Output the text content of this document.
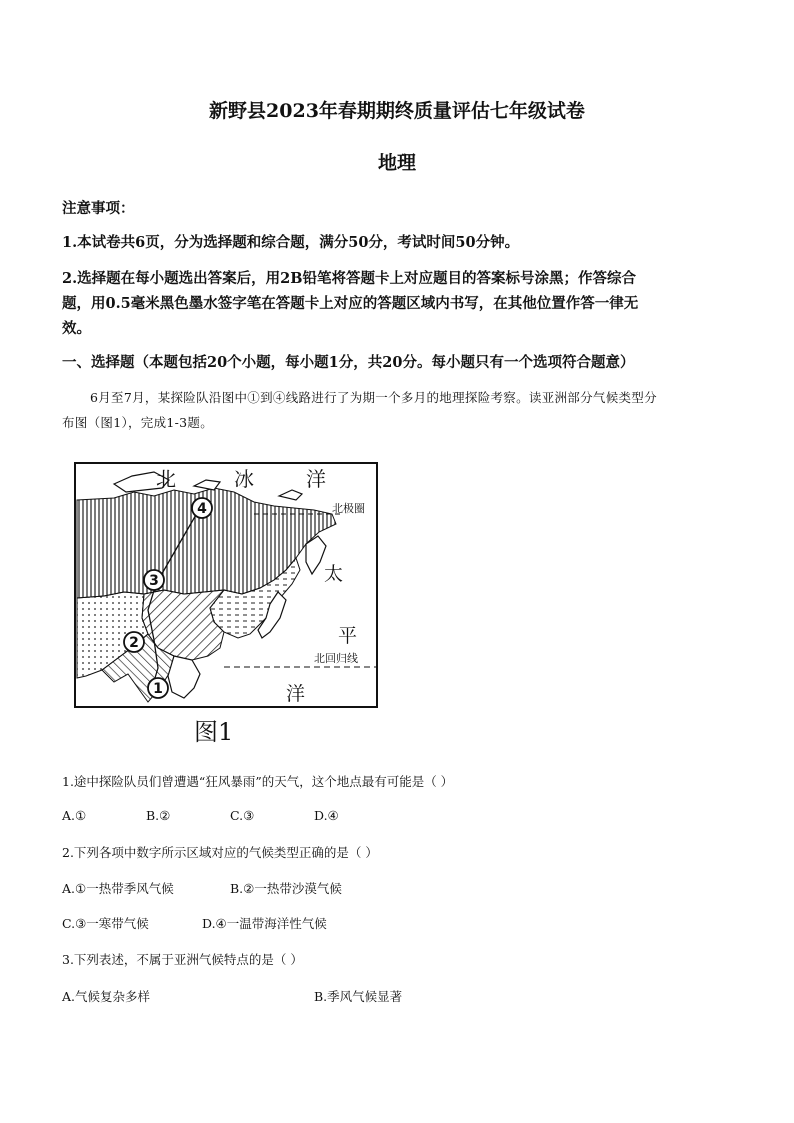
新野县2023年春期期终质量评估七年级试卷
地理
注意事项：
1.本试卷共6页，分为选择题和综合题，满分50分，考试时间50分钟。
2.选择题在每小题选出答案后，用2B铅笔将答题卡上对应题目的答案标号涂黑；作答综合
题，用0.5毫米黑色墨水签字笔在答题卡上对应的答题区域内书写，在其他位置作答一律无
效。
一、选择题（本题包括20个小题，每小题1分，共20分。每小题只有一个选项符合题意）
6月至7月，某探险队沿图中①到④线路进行了为期一个多月的地理探险考察。读亚洲部分气候类型分
布图（图1），完成1-3题。
北	冰	洋
北极圈
太
平
北回归线
洋
1
2
3
4
图1
1.途中探险队员们曾遭遇“狂风暴雨”的天气，这个地点最有可能是（ ）
A.①	B.②	C.③	D.④
2.下列各项中数字所示区域对应的气候类型正确的是（ ）
A.①一热带季风气候	B.②一热带沙漠气候
C.③一寒带气候	D.④一温带海洋性气候
3.下列表述，不属于亚洲气候特点的是（ ）
A.气候复杂多样	B.季风气候显著
